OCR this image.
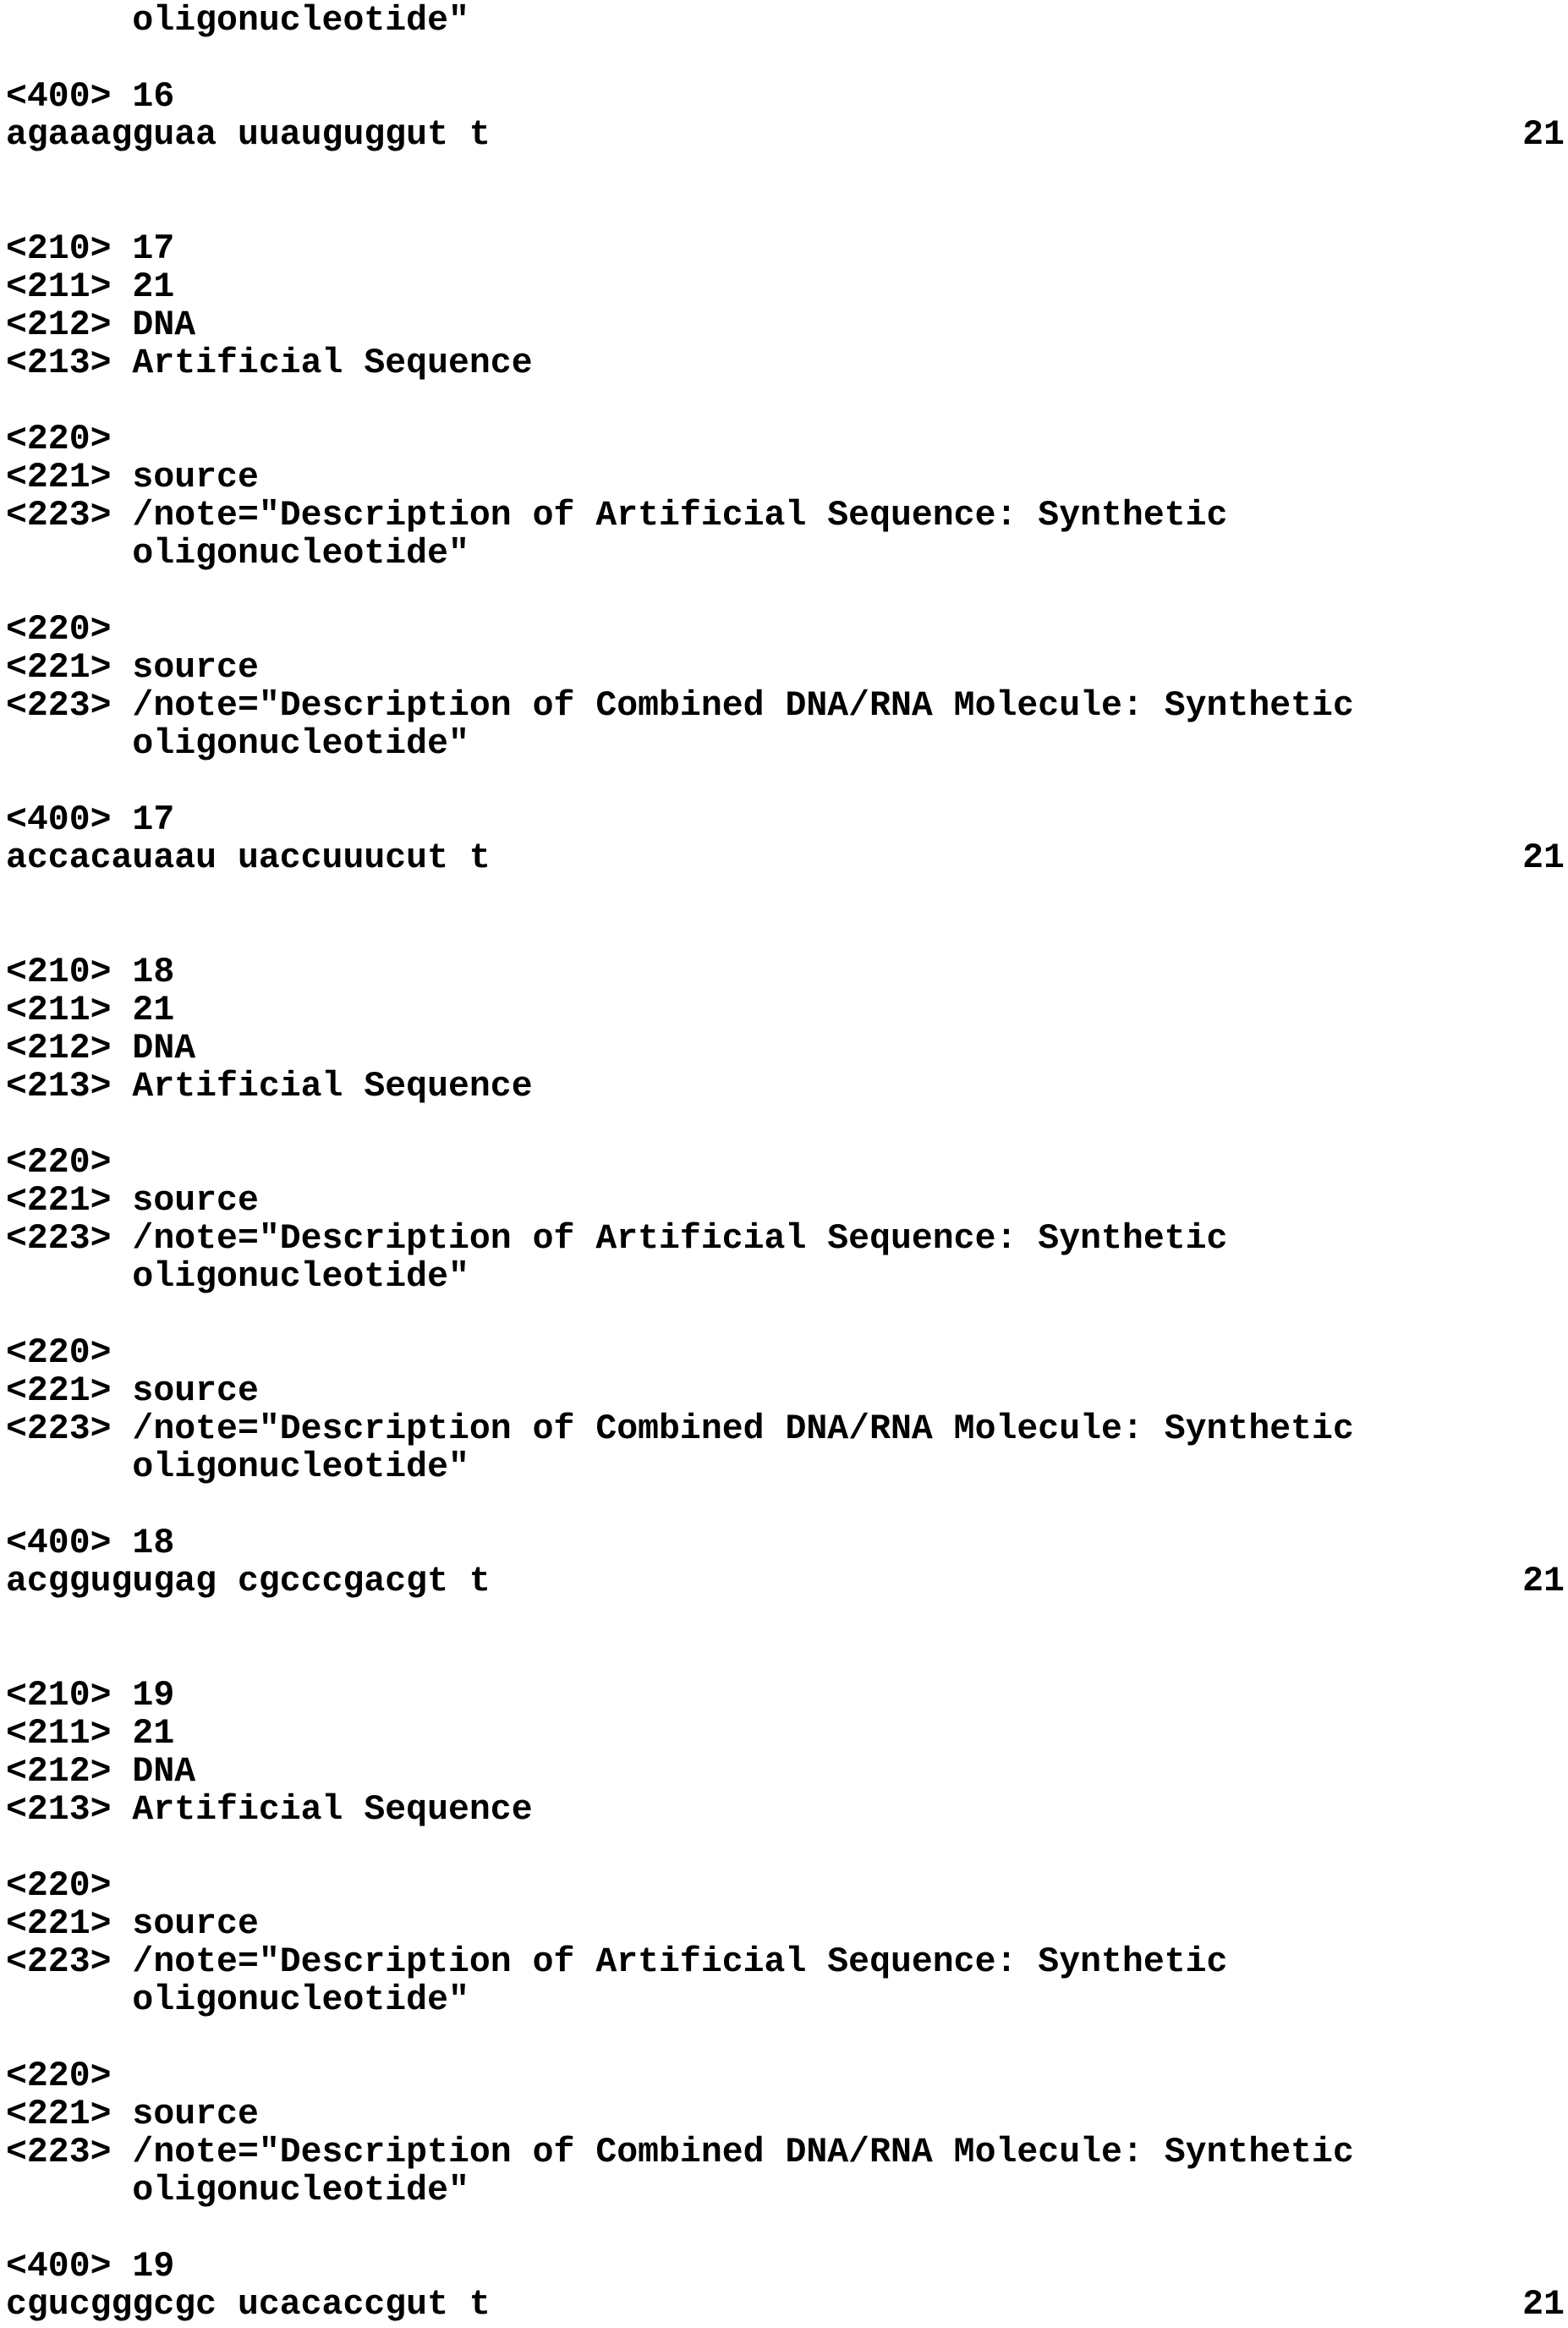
oligonucleotide"
<400> 16
agaaagguaa uuauguggut t                                                 21
<210> 17
<211> 21
<212> DNA
<213> Artificial Sequence
<220>
<221> source
<223> /note="Description of Artificial Sequence: Synthetic
oligonucleotide"
<220>
<221> source
<223> /note="Description of Combined DNA/RNA Molecule: Synthetic
oligonucleotide"
<400> 17
accacauaau uaccuuucut t                                                 21
<210> 18
<211> 21
<212> DNA
<213> Artificial Sequence
<220>
<221> source
<223> /note="Description of Artificial Sequence: Synthetic
oligonucleotide"
<220>
<221> source
<223> /note="Description of Combined DNA/RNA Molecule: Synthetic
oligonucleotide"
<400> 18
acggugugag cgcccgacgt t                                                 21
<210> 19
<211> 21
<212> DNA
<213> Artificial Sequence
<220>
<221> source
<223> /note="Description of Artificial Sequence: Synthetic
oligonucleotide"
<220>
<221> source
<223> /note="Description of Combined DNA/RNA Molecule: Synthetic
oligonucleotide"
<400> 19
cgucgggcgc ucacaccgut t                                                 21
